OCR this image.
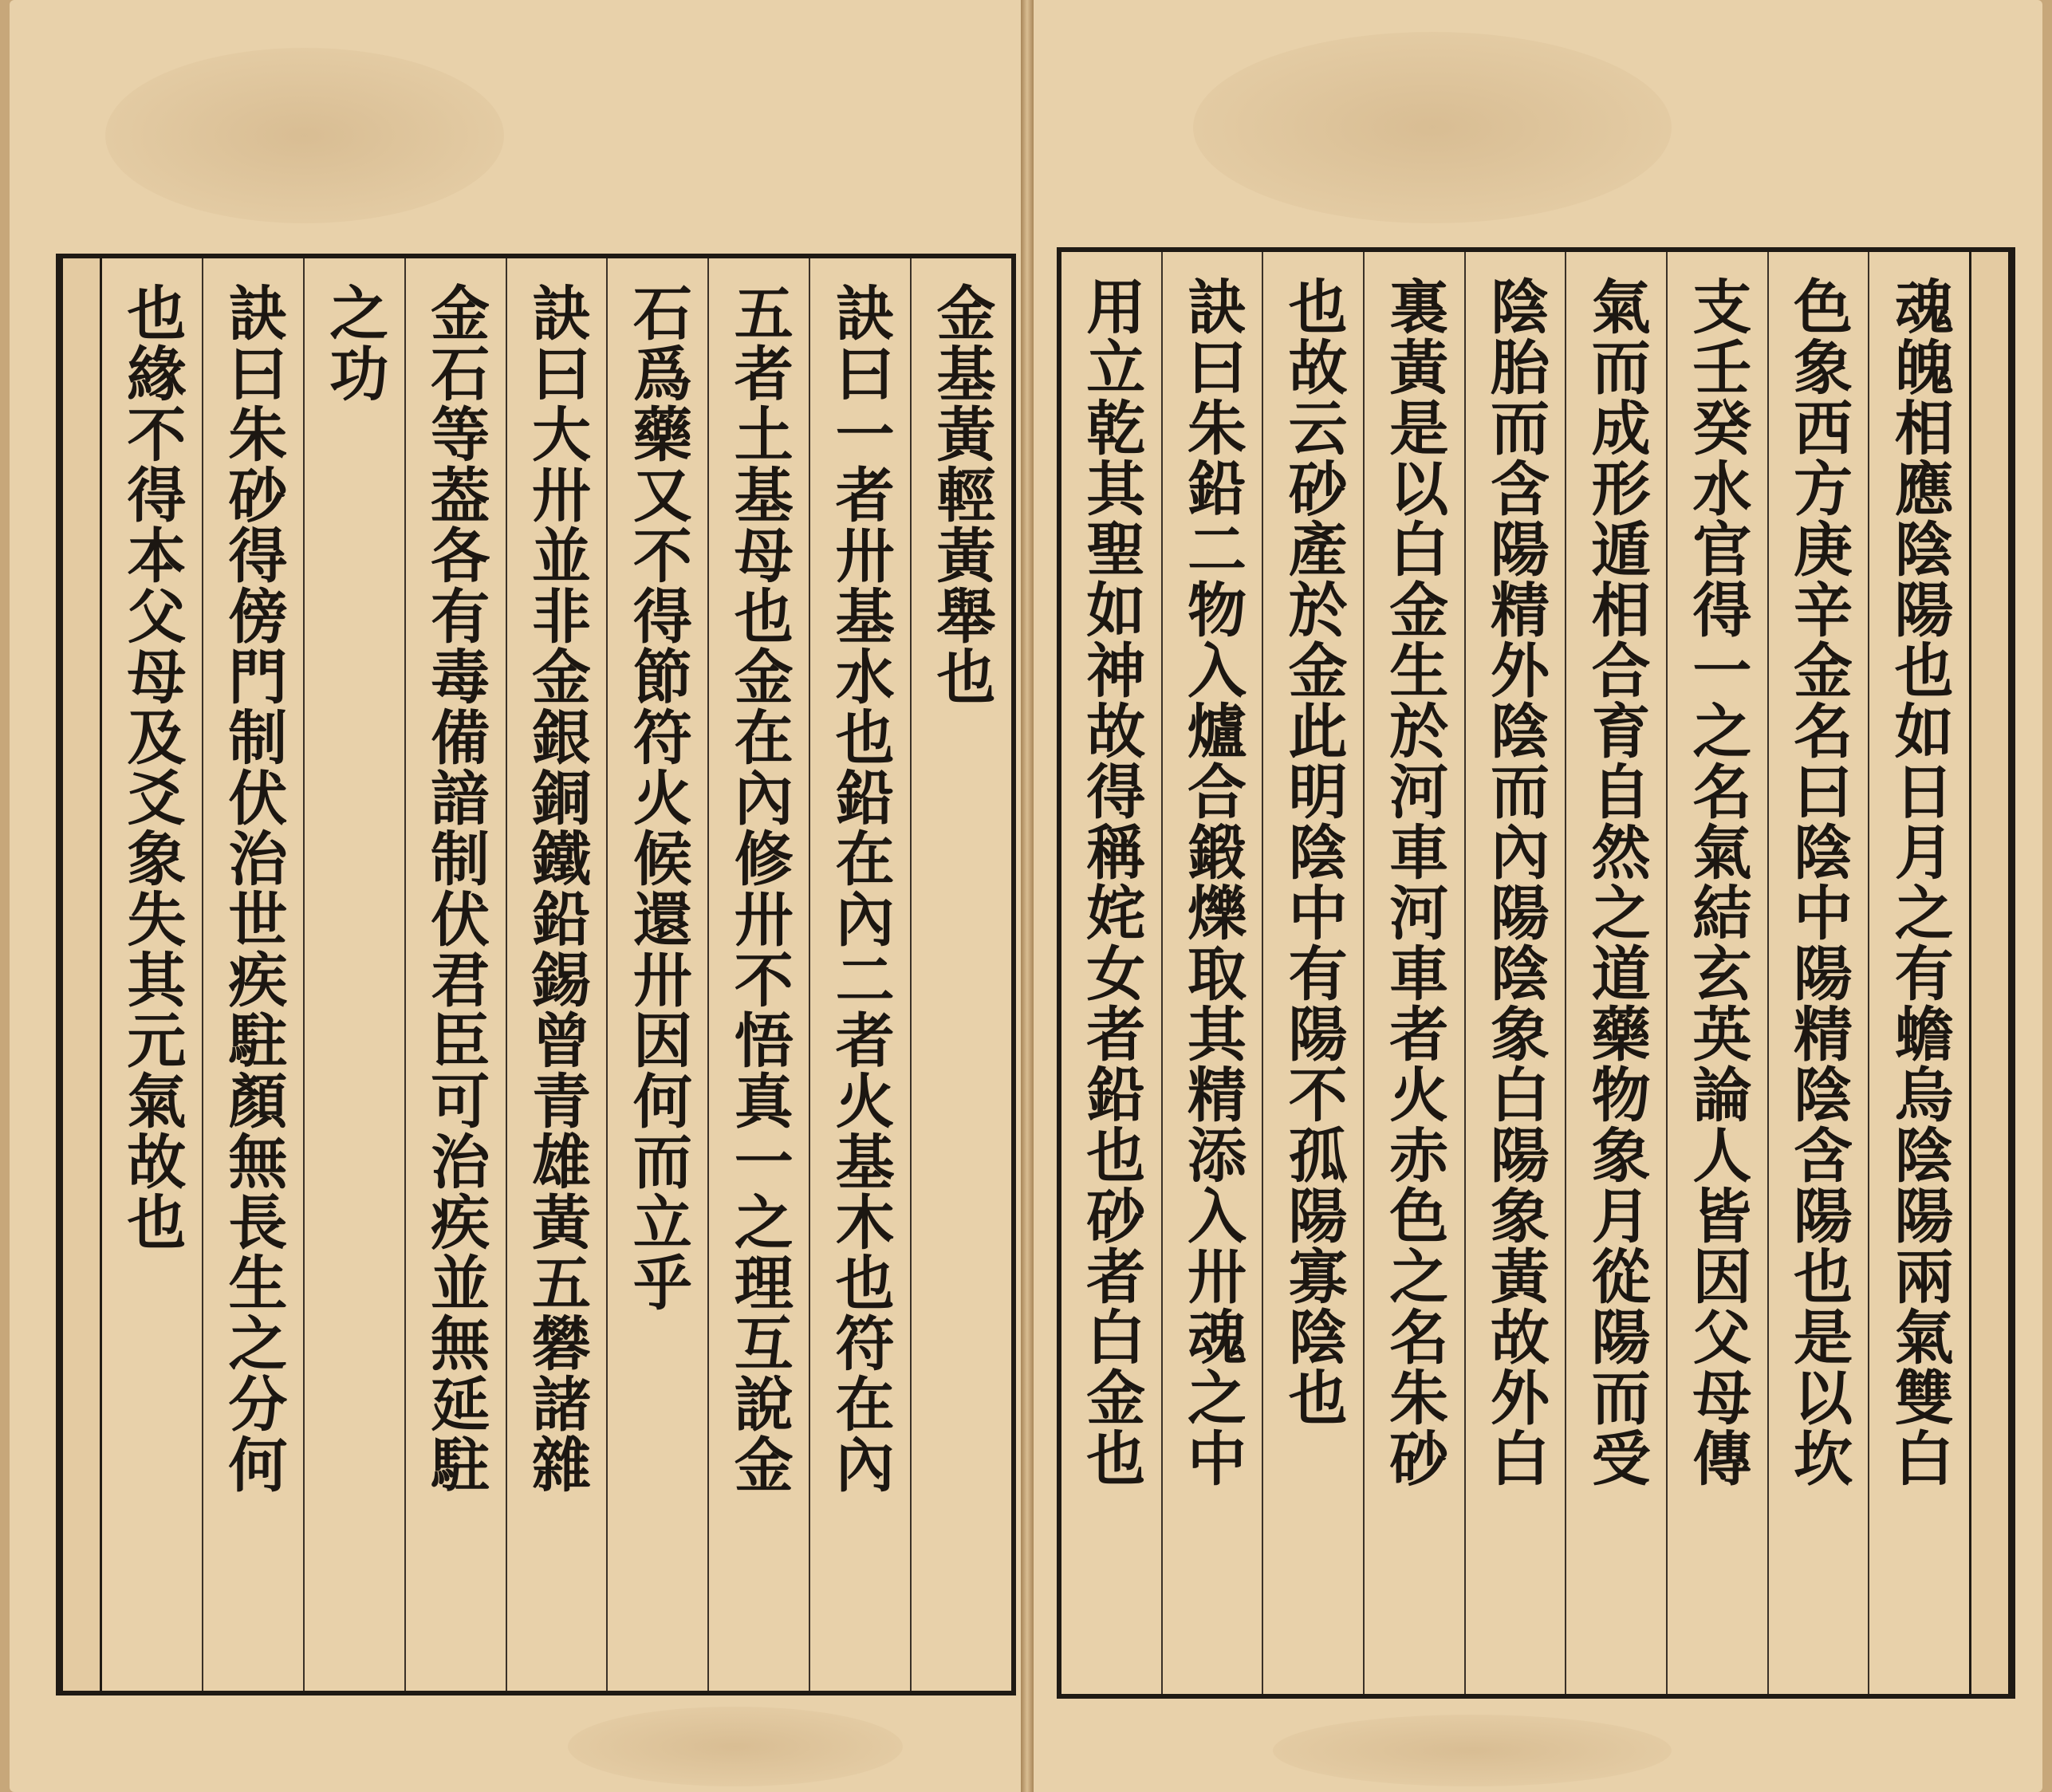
金基黃輕黃舉也
訣曰一者卅基水也鉛在內二者火基木也符在內
五者土基母也金在內修卅不悟真一之理互說金
石爲藥又不得節符火候還卅因何而立乎
訣曰大卅並非金銀銅鐵鉛錫曾青雄黃五礬諸雜
金石等葢各有毒備諳制伏君臣可治疾並無延駐
之功
訣曰朱砂得傍門制伏治世疾駐顏無長生之分何
也緣不得本父母及爻象失其元氣故也	魂魄相應陰陽也如日月之有蟾烏陰陽兩氣雙白
色象西方庚辛金名曰陰中陽精陰含陽也是以坎
支壬癸水官得一之名氣結玄英論人皆因父母傳
氣而成形遁相合育自然之道藥物象月從陽而受
陰胎而含陽精外陰而內陽陰象白陽象黃故外白
裏黃是以白金生於河車河車者火赤色之名朱砂
也故云砂產於金此明陰中有陽不孤陽寡陰也
訣曰朱鉛二物入爐合鍛爍取其精添入卅魂之中
用立乾其聖如神故得稱姹女者鉛也砂者白金也
